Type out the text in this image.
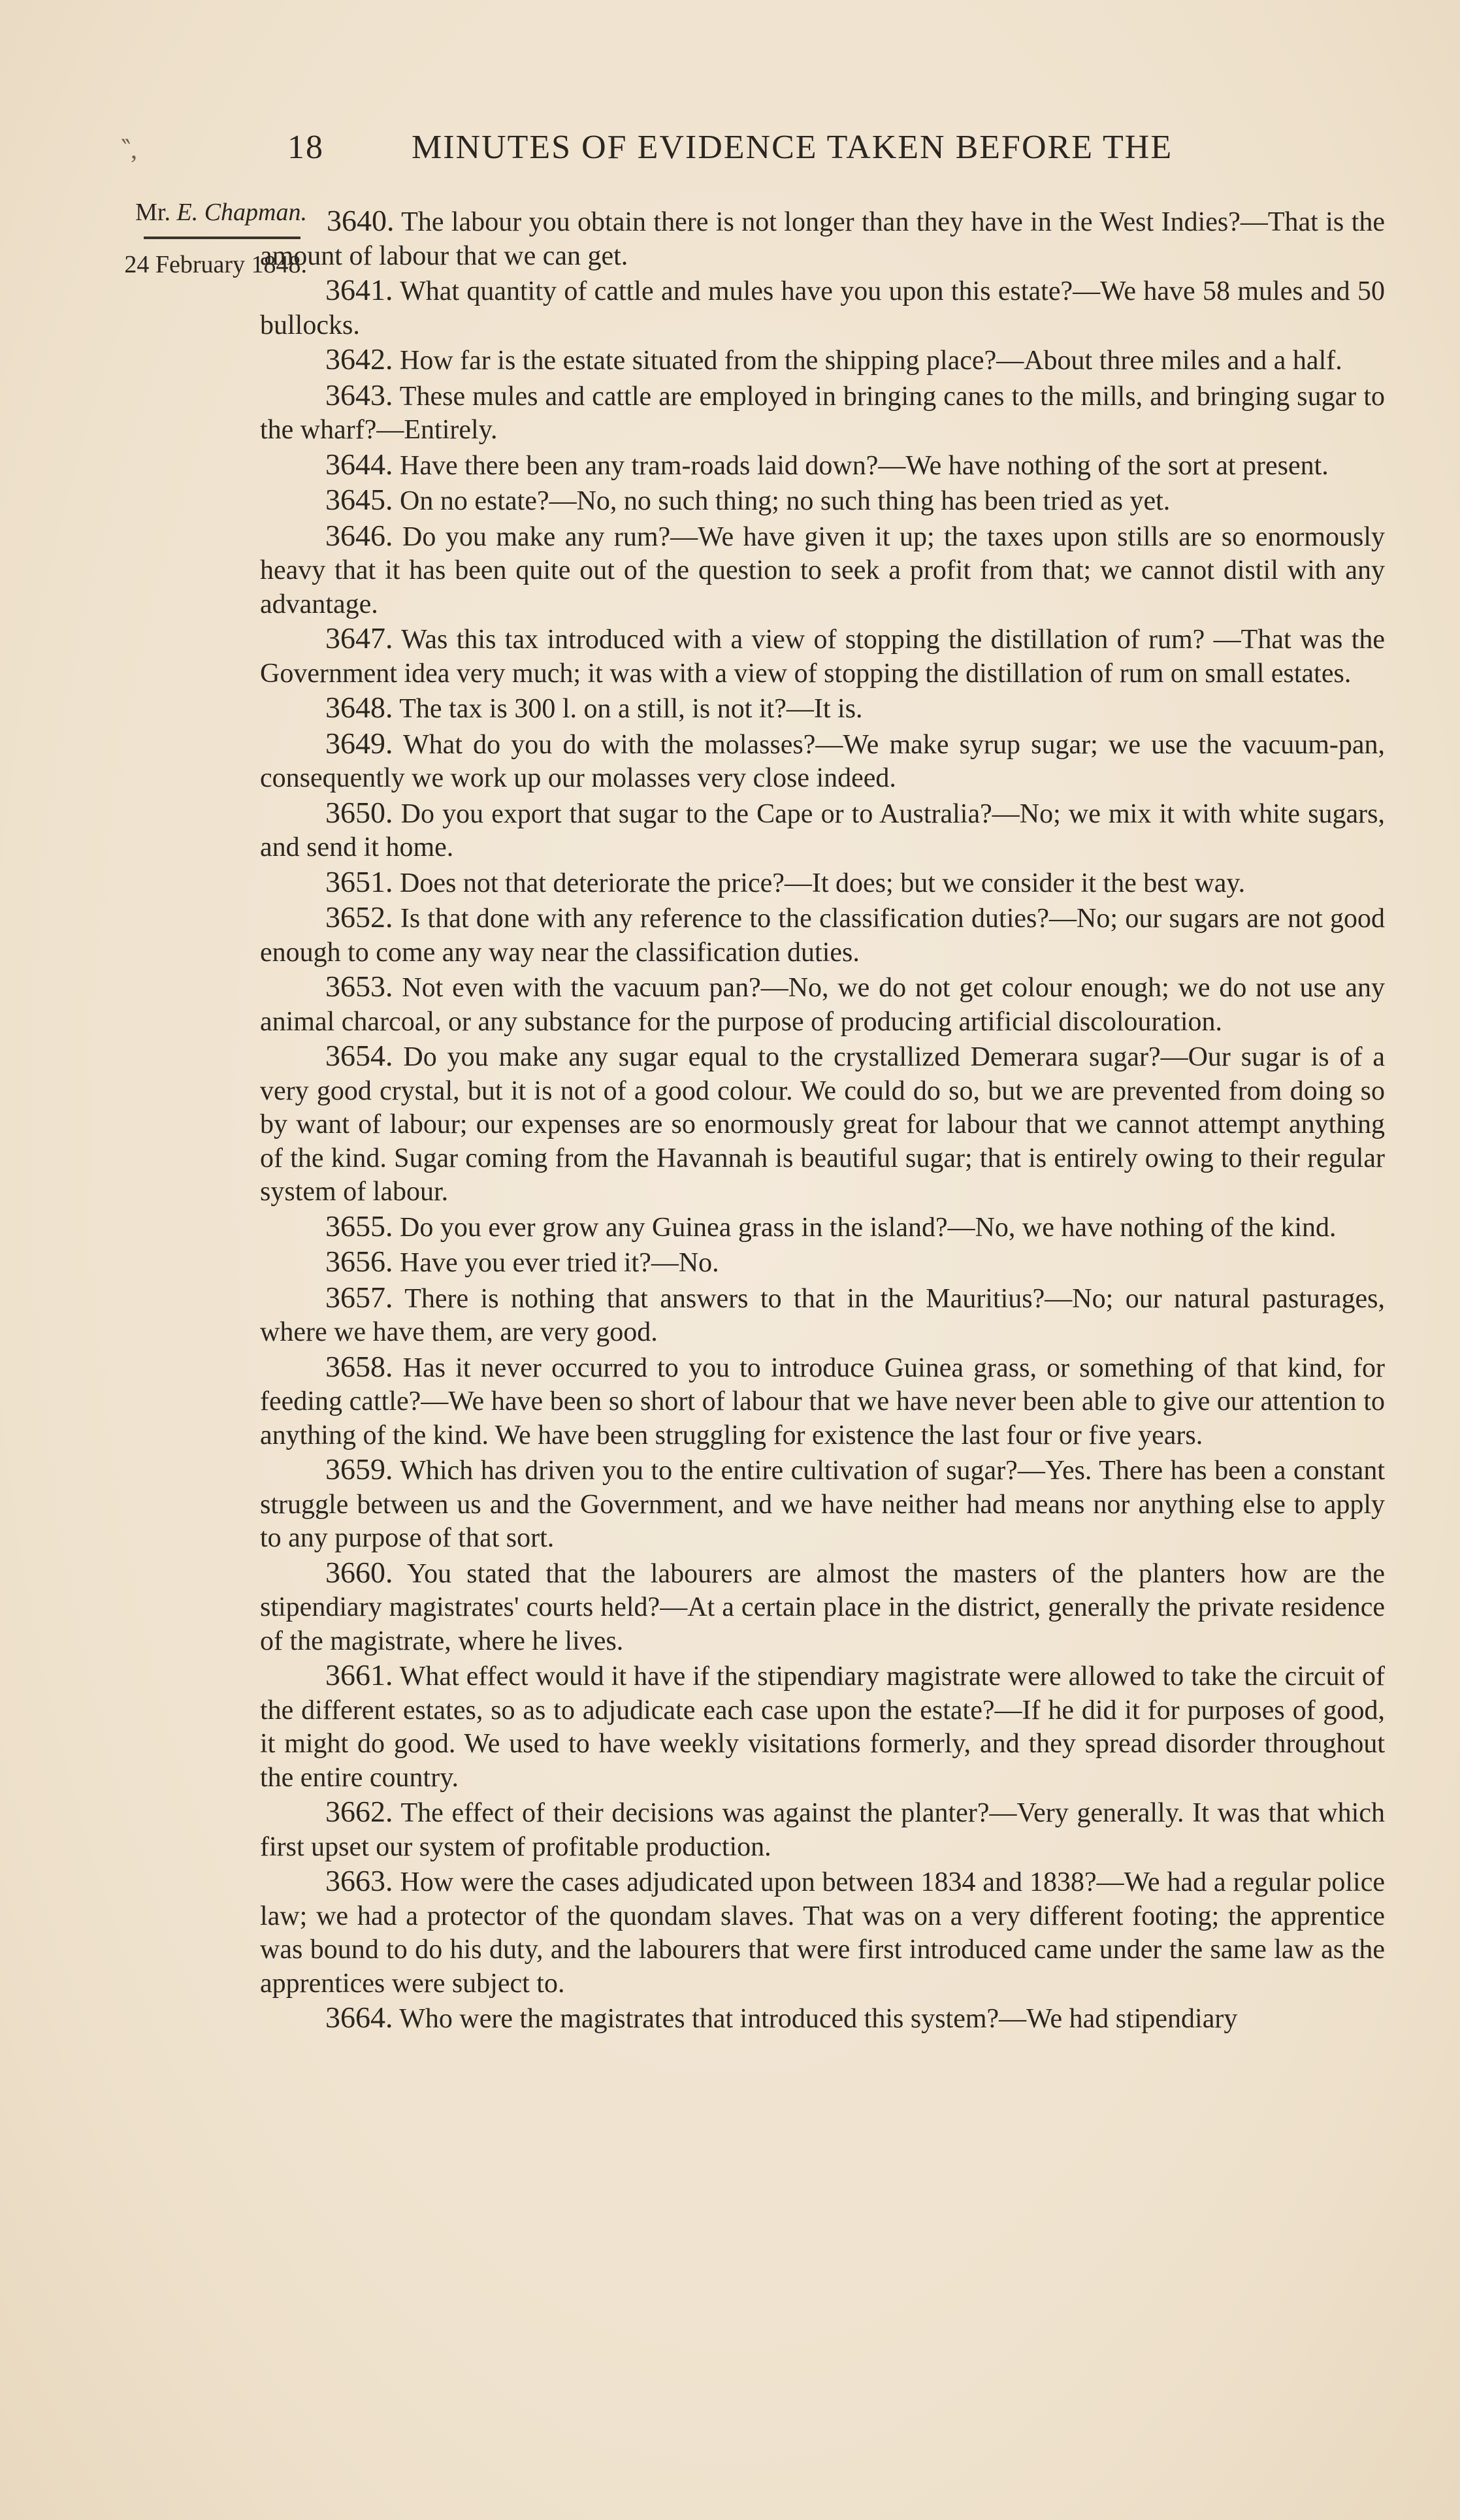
‶,	18	MINUTES OF EVIDENCE TAKEN BEFORE THE
Mr. E. Chapman.
24 February 1848.

3640. The labour you obtain there is not longer than they have in the West Indies?—That is the amount of labour that we can get.

3641. What quantity of cattle and mules have you upon this estate?—We have 58 mules and 50 bullocks.

3642. How far is the estate situated from the shipping place?—About three miles and a half.

3643. These mules and cattle are employed in bringing canes to the mills, and bringing sugar to the wharf?—Entirely.

3644. Have there been any tram-roads laid down?—We have nothing of the sort at present.

3645. On no estate?—No, no such thing; no such thing has been tried as yet.

3646. Do you make any rum?—We have given it up; the taxes upon stills are so enormously heavy that it has been quite out of the question to seek a profit from that; we cannot distil with any advantage.

3647. Was this tax introduced with a view of stopping the distillation of rum? —That was the Government idea very much; it was with a view of stopping the distillation of rum on small estates.

3648. The tax is 300 l. on a still, is not it?—It is.

3649. What do you do with the molasses?—We make syrup sugar; we use the vacuum-pan, consequently we work up our molasses very close indeed.

3650. Do you export that sugar to the Cape or to Australia?—No; we mix it with white sugars, and send it home.

3651. Does not that deteriorate the price?—It does; but we consider it the best way.

3652. Is that done with any reference to the classification duties?—No; our sugars are not good enough to come any way near the classification duties.

3653. Not even with the vacuum pan?—No, we do not get colour enough; we do not use any animal charcoal, or any substance for the purpose of producing artificial discolouration.

3654. Do you make any sugar equal to the crystallized Demerara sugar?—Our sugar is of a very good crystal, but it is not of a good colour. We could do so, but we are prevented from doing so by want of labour; our expenses are so enormously great for labour that we cannot attempt anything of the kind. Sugar coming from the Havannah is beautiful sugar; that is entirely owing to their regular system of labour.

3655. Do you ever grow any Guinea grass in the island?—No, we have nothing of the kind.

3656. Have you ever tried it?—No.

3657. There is nothing that answers to that in the Mauritius?—No; our natural pasturages, where we have them, are very good.

3658. Has it never occurred to you to introduce Guinea grass, or something of that kind, for feeding cattle?—We have been so short of labour that we have never been able to give our attention to anything of the kind. We have been struggling for existence the last four or five years.

3659. Which has driven you to the entire cultivation of sugar?—Yes. There has been a constant struggle between us and the Government, and we have neither had means nor anything else to apply to any purpose of that sort.

3660. You stated that the labourers are almost the masters of the planters how are the stipendiary magistrates' courts held?—At a certain place in the district, generally the private residence of the magistrate, where he lives.

3661. What effect would it have if the stipendiary magistrate were allowed to take the circuit of the different estates, so as to adjudicate each case upon the estate?—If he did it for purposes of good, it might do good. We used to have weekly visitations formerly, and they spread disorder throughout the entire country.

3662. The effect of their decisions was against the planter?—Very generally. It was that which first upset our system of profitable production.

3663. How were the cases adjudicated upon between 1834 and 1838?—We had a regular police law; we had a protector of the quondam slaves. That was on a very different footing; the apprentice was bound to do his duty, and the labourers that were first introduced came under the same law as the apprentices were subject to.

3664. Who were the magistrates that introduced this system?—We had stipendiary
